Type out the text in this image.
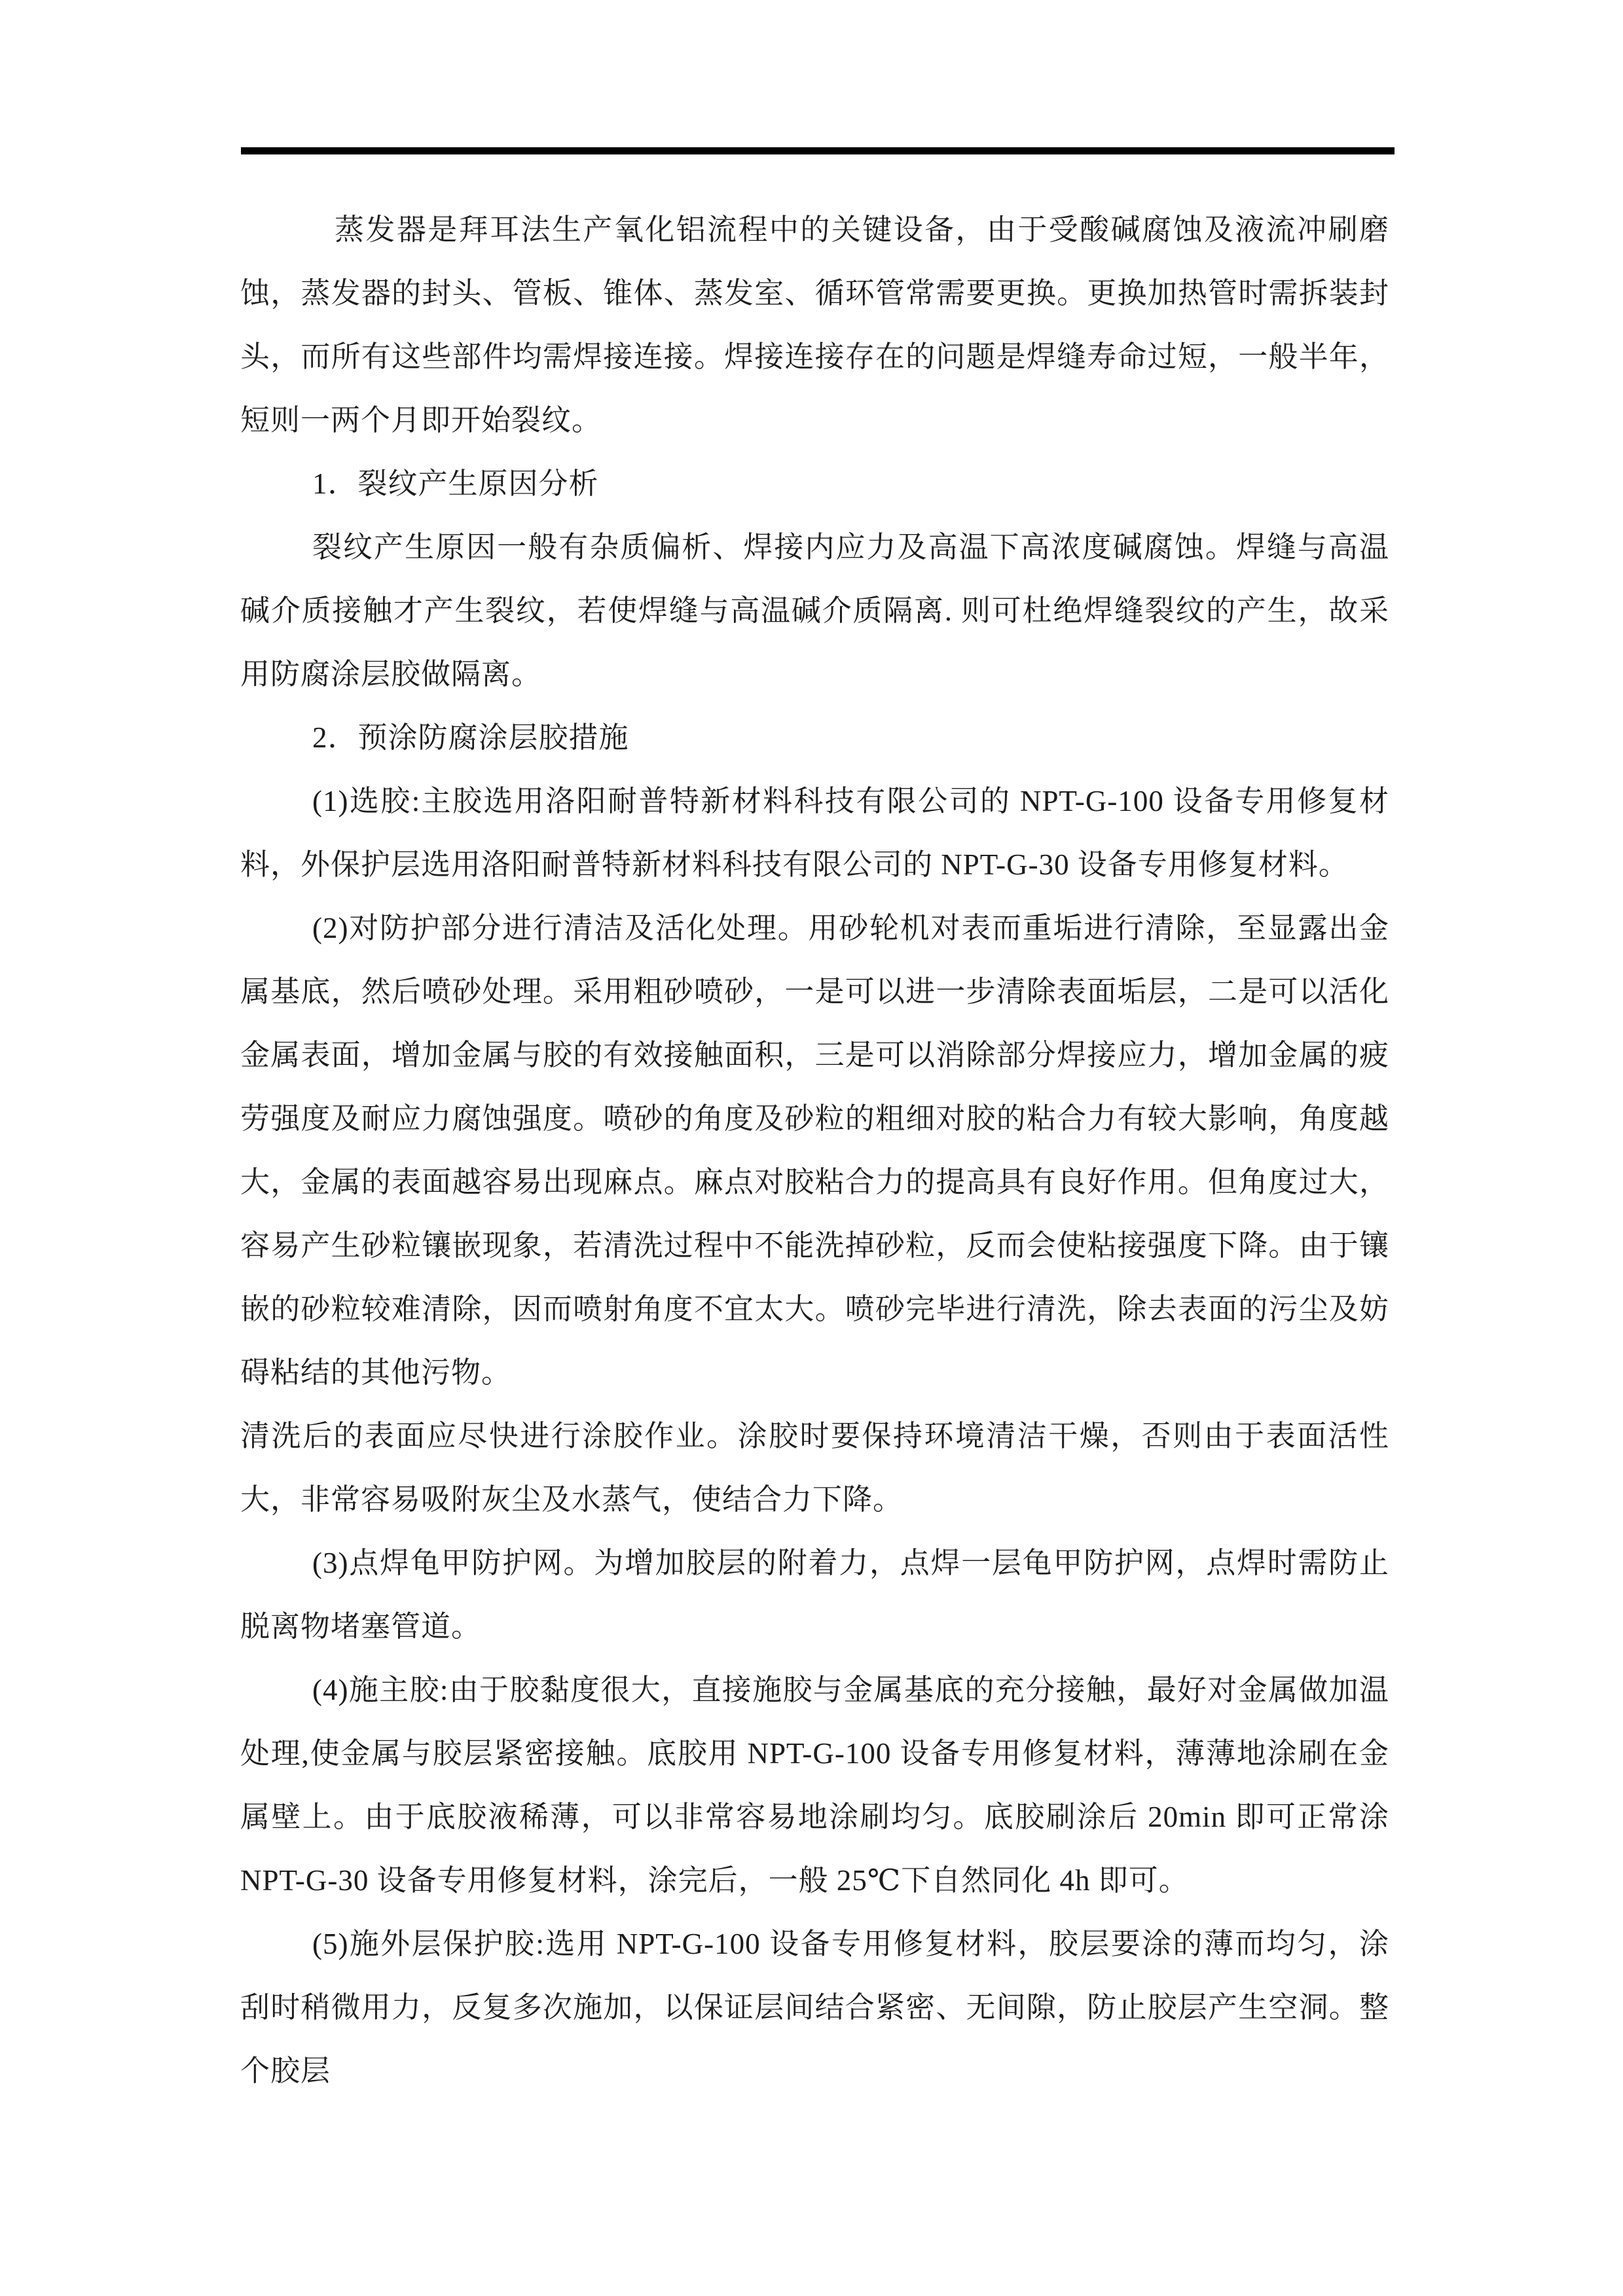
蒸发器是拜耳法生产氧化铝流程中的关键设备，由于受酸碱腐蚀及液流冲刷磨蚀，蒸发器的封头、管板、锥体、蒸发室、循环管常需要更换。更换加热管时需拆装封头，而所有这些部件均需焊接连接。焊接连接存在的问题是焊缝寿命过短，一般半年，短则一两个月即开始裂纹。

1．裂纹产生原因分析

裂纹产生原因一般有杂质偏析、焊接内应力及高温下高浓度碱腐蚀。焊缝与高温碱介质接触才产生裂纹，若使焊缝与高温碱介质隔离. 则可杜绝焊缝裂纹的产生，故采用防腐涂层胶做隔离。

2．预涂防腐涂层胶措施

(1)选胶:主胶选用洛阳耐普特新材料科技有限公司的 NPT-G-100 设备专用修复材料，外保护层选用洛阳耐普特新材料科技有限公司的 NPT-G-30 设备专用修复材料。

(2)对防护部分进行清洁及活化处理。用砂轮机对表而重垢进行清除，至显露出金属基底，然后喷砂处理。采用粗砂喷砂，一是可以进一步清除表面垢层，二是可以活化金属表面，增加金属与胶的有效接触面积，三是可以消除部分焊接应力，增加金属的疲劳强度及耐应力腐蚀强度。喷砂的角度及砂粒的粗细对胶的粘合力有较大影响，角度越大，金属的表面越容易出现麻点。麻点对胶粘合力的提高具有良好作用。但角度过大，容易产生砂粒镶嵌现象，若清洗过程中不能洗掉砂粒，反而会使粘接强度下降。由于镶嵌的砂粒较难清除，因而喷射角度不宜太大。喷砂完毕进行清洗，除去表面的污尘及妨碍粘结的其他污物。

清洗后的表面应尽快进行涂胶作业。涂胶时要保持环境清洁干燥，否则由于表面活性大，非常容易吸附灰尘及水蒸气，使结合力下降。

(3)点焊龟甲防护网。为增加胶层的附着力，点焊一层龟甲防护网，点焊时需防止脱离物堵塞管道。

(4)施主胶:由于胶黏度很大，直接施胶与金属基底的充分接触，最好对金属做加温处理,使金属与胶层紧密接触。底胶用 NPT-G-100 设备专用修复材料，薄薄地涂刷在金属壁上。由于底胶液稀薄，可以非常容易地涂刷均匀。底胶刷涂后 20min 即可正常涂 NPT-G-30 设备专用修复材料，涂完后，一般 25℃下自然同化 4h 即可。

(5)施外层保护胶:选用 NPT-G-100 设备专用修复材料，胶层要涂的薄而均匀，涂刮时稍微用力，反复多次施加，以保证层间结合紧密、无间隙，防止胶层产生空洞。整个胶层
